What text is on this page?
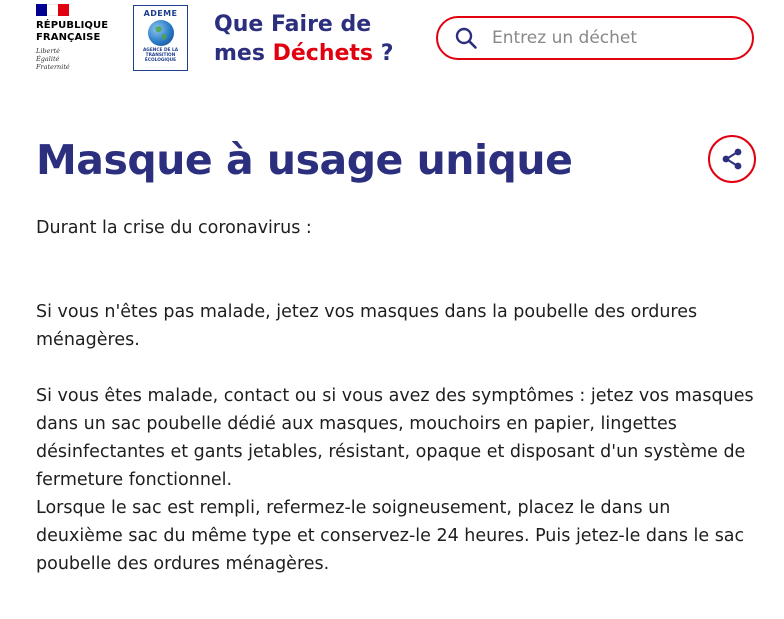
RÉPUBLIQUE
FRANÇAISE
Liberté
Égalité
Fraternité
ADEME
AGENCE DE LA
TRANSITION
ÉCOLOGIQUE
Que Faire de
mes Déchets ?
Entrez un déchet
Masque à usage unique

Durant la crise du coronavirus :

Si vous n'êtes pas malade, jetez vos masques dans la poubelle des ordures ménagères.

Si vous êtes malade, contact ou si vous avez des symptômes : jetez vos masques dans un sac poubelle dédié aux masques, mouchoirs en papier, lingettes désinfectantes et gants jetables, résistant, opaque et disposant d'un système de fermeture fonctionnel.

Lorsque le sac est rempli, refermez-le soigneusement, placez le dans un deuxième sac du même type et conservez-le 24 heures. Puis jetez-le dans le sac poubelle des ordures ménagères.
